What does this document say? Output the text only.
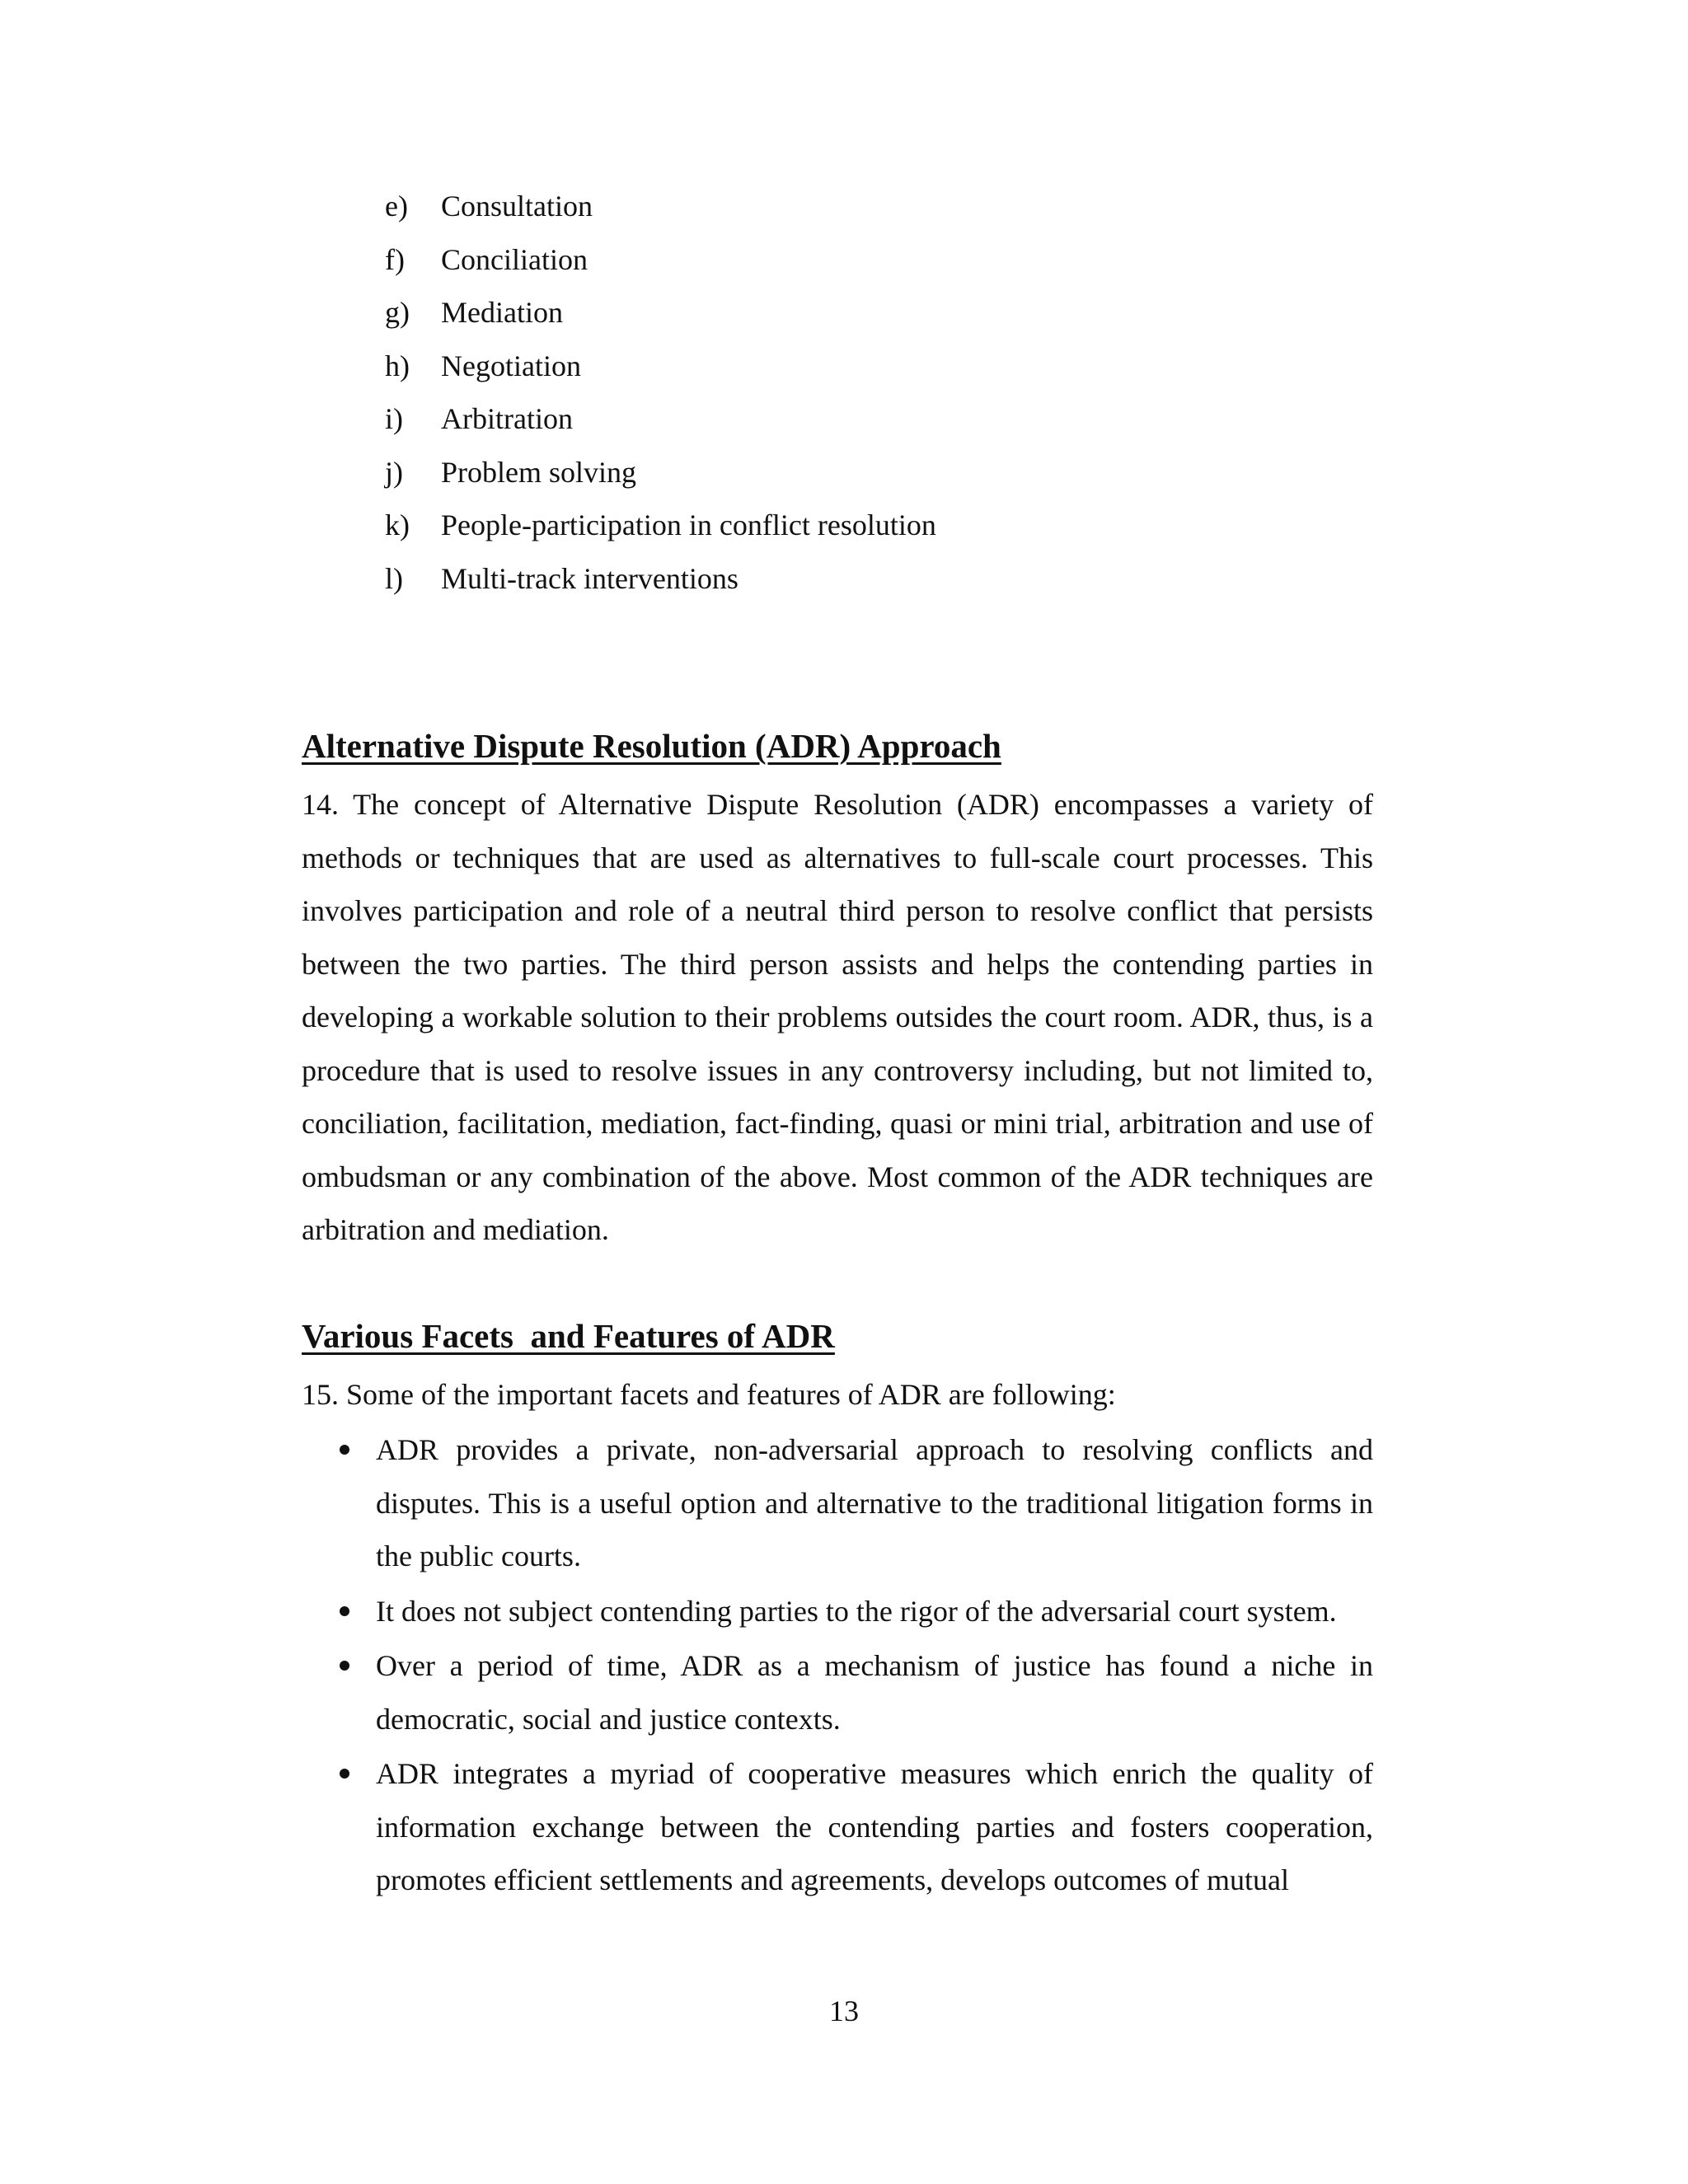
e) Consultation
f) Conciliation
g) Mediation
h) Negotiation
i) Arbitration
j) Problem solving
k) People-participation in conflict resolution
l) Multi-track interventions
Alternative Dispute Resolution (ADR) Approach

14. The concept of Alternative Dispute Resolution (ADR) encompasses a variety of methods or techniques that are used as alternatives to full-scale court processes. This involves participation and role of a neutral third person to resolve conflict that persists between the two parties. The third person assists and helps the contending parties in developing a workable solution to their problems outsides the court room. ADR, thus, is a procedure that is used to resolve issues in any controversy including, but not limited to, conciliation, facilitation, mediation, fact-finding, quasi or mini trial, arbitration and use of ombudsman or any combination of the above. Most common of the ADR techniques are arbitration and mediation.

Various Facets  and Features of ADR

15. Some of the important facets and features of ADR are following:

ADR provides a private, non-adversarial approach to resolving conflicts and disputes. This is a useful option and alternative to the traditional litigation forms in the public courts.
It does not subject contending parties to the rigor of the adversarial court system.
Over a period of time, ADR as a mechanism of justice has found a niche in democratic, social and justice contexts.
ADR integrates a myriad of cooperative measures which enrich the quality of information exchange between the contending parties and fosters cooperation, promotes efficient settlements and agreements, develops outcomes of mutual
13
